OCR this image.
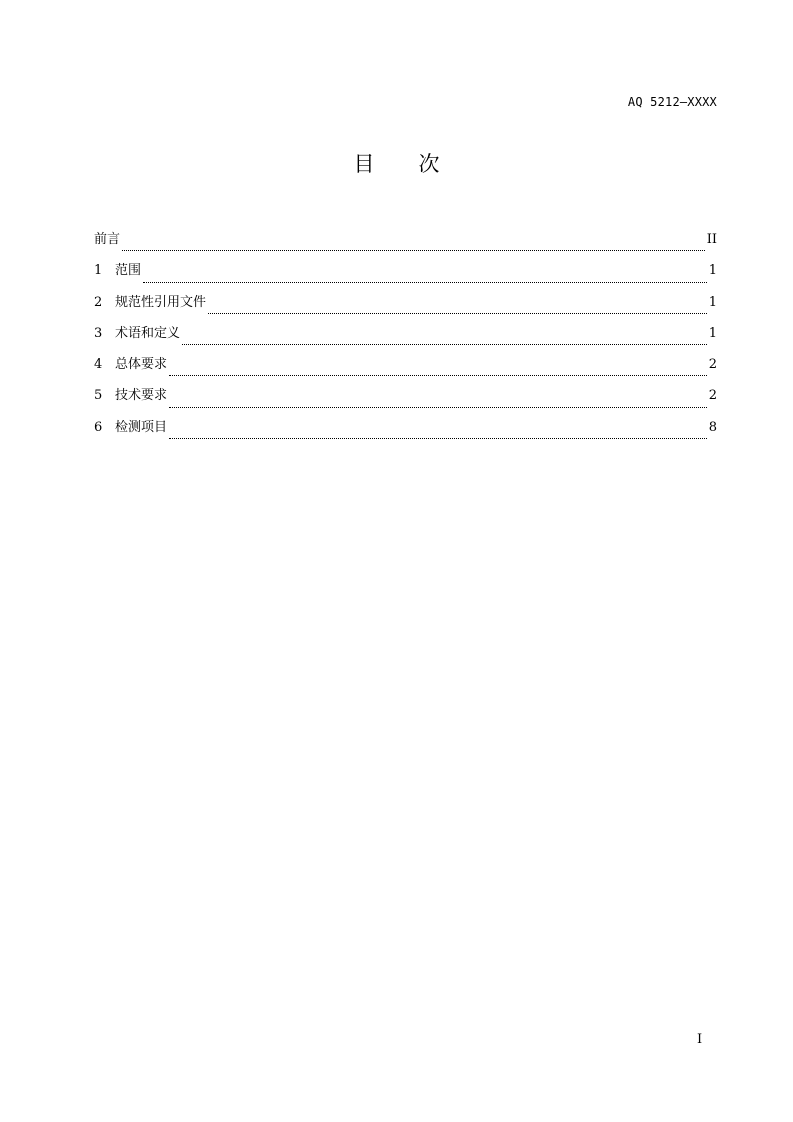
AQ 5212—XXXX
目 次
前言	II
1 范围	1
2 规范性引用文件	1
3 术语和定义	1
4 总体要求	2
5 技术要求	2
6 检测项目	8
I
